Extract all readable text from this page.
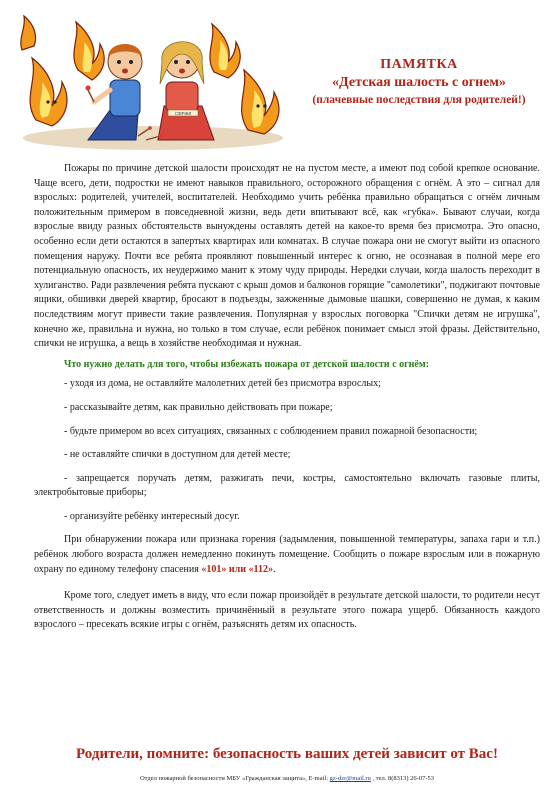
СПИЧКИ
ПАМЯТКА
«Детская шалость с огнем»
(плачевные последствия для родителей!)

Пожары по причине детской шалости происходят не на пустом месте, а имеют под собой крепкое основание. Чаще всего, дети, подростки не имеют навыков правильного, осторожного обращения с огнём. А это – сигнал для взрослых: родителей, учителей, воспитателей. Необходимо учить ребёнка правильно обращаться с огнём личным положительным примером в повседневной жизни, ведь дети впитывают всё, как «губка». Бывают случаи, когда взрослые ввиду разных обстоятельств вынуждены оставлять детей на какое-то время без присмотра. Это опасно, особенно если дети остаются в запертых квартирах или комнатах. В случае пожара они не смогут выйти из опасного помещения наружу. Почти все ребята проявляют повышенный интерес к огню, не осознавая в полной мере его потенциальную опасность, их неудержимо манит к этому чуду природы. Нередки случаи, когда шалость переходит в хулиганство. Ради развлечения ребята пускают с крыш домов и балконов горящие "самолетики", поджигают почтовые ящики, обшивки дверей квартир, бросают в подъезды, зажженные дымовые шашки, совершенно не думая, к каким последствиям могут привести такие развлечения. Популярная у взрослых поговорка "Спички детям не игрушка", конечно же, правильна и нужна, но только в том случае, если ребёнок понимает смысл этой фразы. Действительно, спички не игрушка, а вещь в хозяйстве необходимая и нужная.

Что нужно делать для того, чтобы избежать пожара от детской шалости с огнём:

- уходя из дома, не оставляйте малолетних детей без присмотра взрослых;

- рассказывайте детям, как правильно действовать при пожаре;

- будьте примером во всех ситуациях, связанных с соблюдением правил пожарной безопасности;

- не оставляйте спички в доступном для детей месте;

- запрещается поручать детям, разжигать печи, костры, самостоятельно включать газовые плиты, электробытовые приборы;

- организуйте ребёнку интересный досуг.

При обнаружении пожара или признака горения (задымления, повышенной температуры, запаха гари и т.п.) ребёнок любого возраста должен немедленно покинуть помещение. Сообщить о пожаре взрослым или в пожарную охрану по единому телефону спасения «101» или «112».

Кроме того, следует иметь в виду, что если пожар произойдёт в результате детской шалости, то родители несут ответственность и должны возместить причинённый в результате этого пожара ущерб. Обязанность каждого взрослого – пресекать всякие игры с огнём, разъяснять детям их опасность.

Родители, помните: безопасность ваших детей зависит от Вас!
Отдел пожарной безопасности МБУ «Гражданская защита», E-mail: gz-dzr@mail.ru , тел. 8(8313) 26-07-53
